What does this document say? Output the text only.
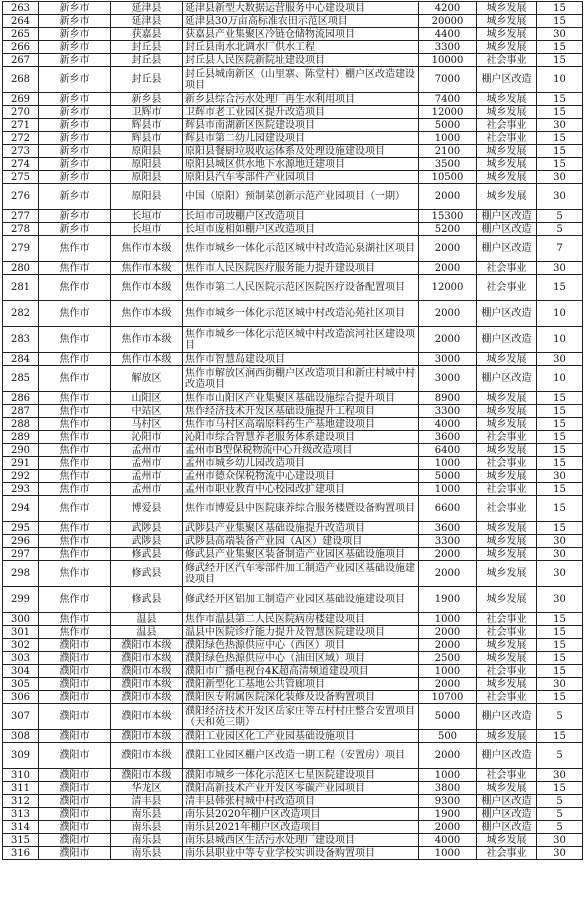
263	新乡市	延津县	延津县新型大数据运营服务中心建设项目	4200	城乡发展	15
264	新乡市	延津县	延津县30万亩高标准农田示范区项目	20000	城乡发展	15
265	新乡市	获嘉县	获嘉县产业集聚区冷链仓储物流园项目	4400	城乡发展	30
266	新乡市	封丘县	封丘县南水北调水厂供水工程	3300	城乡发展	15
267	新乡市	封丘县	封丘县人民医院新院址建设项目	10000	社会事业	15
268	新乡市	封丘县	封丘县城南新区（山里寨、陈堂村）棚户区改造建设项目	7000	棚户区改造	10
269	新乡市	新乡县	新乡县综合污水处理厂再生水利用项目	7400	城乡发展	15
270	新乡市	卫辉市	卫辉市老工业园区提升改造项目	12000	城乡发展	15
271	新乡市	辉县市	辉县市南湖新区医院建设项目	5000	社会事业	30
272	新乡市	辉县市	辉县市第二幼儿园建设项目	1000	社会事业	15
273	新乡市	原阳县	原阳县餐厨垃圾收运体系及处理设施建设项目	2100	城乡发展	15
274	新乡市	原阳县	原阳县城区供水地下水源地迁建项目	3500	城乡发展	15
275	新乡市	原阳县	原阳县汽车零部件产业园项目	10500	城乡发展	30
276	新乡市	原阳县	中国（原阳）预制菜创新示范产业园项目（一期）	2000	城乡发展	30
277	新乡市	长垣市	长垣市司坡棚户区改造项目	15300	棚户区改造	5
278	新乡市	长垣市	长垣市庞相如棚户区改造项目	5200	棚户区改造	5
279	焦作市	焦作市本级	焦作市城乡一体化示范区城中村改造沁泉湖社区项目	2000	棚户区改造	7
280	焦作市	焦作市本级	焦作市人民医院医疗服务能力提升建设项目	2000	社会事业	30
281	焦作市	焦作市本级	焦作市第二人民医院示范区医院医疗设备配置项目	12000	社会事业	15
282	焦作市	焦作市本级	焦作市城乡一体化示范区城中村改造沁苑社区项目	2000	棚户区改造	10
283	焦作市	焦作市本级	焦作市城乡一体化示范区城中村改造滨河社区建设项目	2000	棚户区改造	10
284	焦作市	焦作市本级	焦作市智慧岛建设项目	3000	城乡发展	30
285	焦作市	解放区	焦作市解放区涧西街棚户区改造项目和新庄村城中村改造项目	3000	棚户区改造	10
286	焦作市	山阳区	焦作市山阳区产业集聚区基础设施综合提升项目	8900	城乡发展	15
287	焦作市	中站区	焦作经济技术开发区基础设施提升工程项目	3300	城乡发展	15
288	焦作市	马村区	焦作市马村区高端原料药生产基地建设项目	4000	城乡发展	15
289	焦作市	沁阳市	沁阳市综合智慧养老服务体系建设项目	3600	社会事业	15
290	焦作市	孟州市	孟州市B型保税物流中心升级改造项目	6400	城乡发展	15
291	焦作市	孟州市	孟州市城乡幼儿园改造项目	1000	社会事业	15
292	焦作市	孟州市	孟州市德众保税物流中心建设项目	5000	城乡发展	30
293	焦作市	孟州市	孟州市职业教育中心校园改扩建项目	1000	社会事业	15
294	焦作市	博爱县	焦作市博爱县中医院康养综合服务楼暨设备购置项目	6600	社会事业	15
295	焦作市	武陟县	武陟县产业集聚区基础设施提升改造项目	3600	城乡发展	15
296	焦作市	武陟县	武陟县高端装备产业园（A区）建设项目	3300	城乡发展	30
297	焦作市	修武县	修武县产业集聚区装备制造产业园区基础设施项目	2000	城乡发展	30
298	焦作市	修武县	修武经开区汽车零部件加工制造产业园区基础设施建设项目	2000	城乡发展	30
299	焦作市	修武县	修武经开区铝加工制造产业园区基础设施建设项目	1900	城乡发展	30
300	焦作市	温县	焦作市温县第二人民医院病房楼建设项目	1000	社会事业	15
301	焦作市	温县	温县中医院诊疗能力提升及智慧医院建设项目	2000	社会事业	15
302	濮阳市	濮阳市本级	濮阳绿色热源供应中心（西区）项目	2000	城乡发展	15
303	濮阳市	濮阳市本级	濮阳绿色热源供应中心（油田区域）项目	2500	城乡发展	15
304	濮阳市	濮阳市本级	濮阳市广播电视台4K超高清频道建设项目	1000	社会事业	15
305	濮阳市	濮阳市本级	濮阳新型化工基地公共管廊项目	2000	城乡发展	30
306	濮阳市	濮阳市本级	濮阳医专附属医院深化装修及设备购置项目	10700	社会事业	15
307	濮阳市	濮阳市本级	濮阳经济技术开发区岳家庄等五村村庄整合安置项目（天和苑三期）	5000	棚户区改造	5
308	濮阳市	濮阳市本级	濮阳工业园区化工产业园基础设施项目	500	城乡发展	15
309	濮阳市	濮阳市本级	濮阳工业园区棚户区改造一期工程（安置房）项目	2000	棚户区改造	5
310	濮阳市	濮阳市本级	濮阳市城乡一体化示范区七星医院建设项目	1000	社会事业	30
311	濮阳市	华龙区	濮阳高新技术产业开发区零碳产业园项目	3800	城乡发展	15
312	濮阳市	清丰县	清丰县韩张村城中村改造项目	9300	棚户区改造	5
313	濮阳市	南乐县	南乐县2020年棚户区改造项目	1900	棚户区改造	5
314	濮阳市	南乐县	南乐县2021年棚户区改造项目	2000	棚户区改造	5
315	濮阳市	南乐县	南乐县城西区生活污水处理厂建设项目	4000	城乡发展	30
316	濮阳市	南乐县	南乐县职业中等专业学校实训设备购置项目	1000	社会事业	30
